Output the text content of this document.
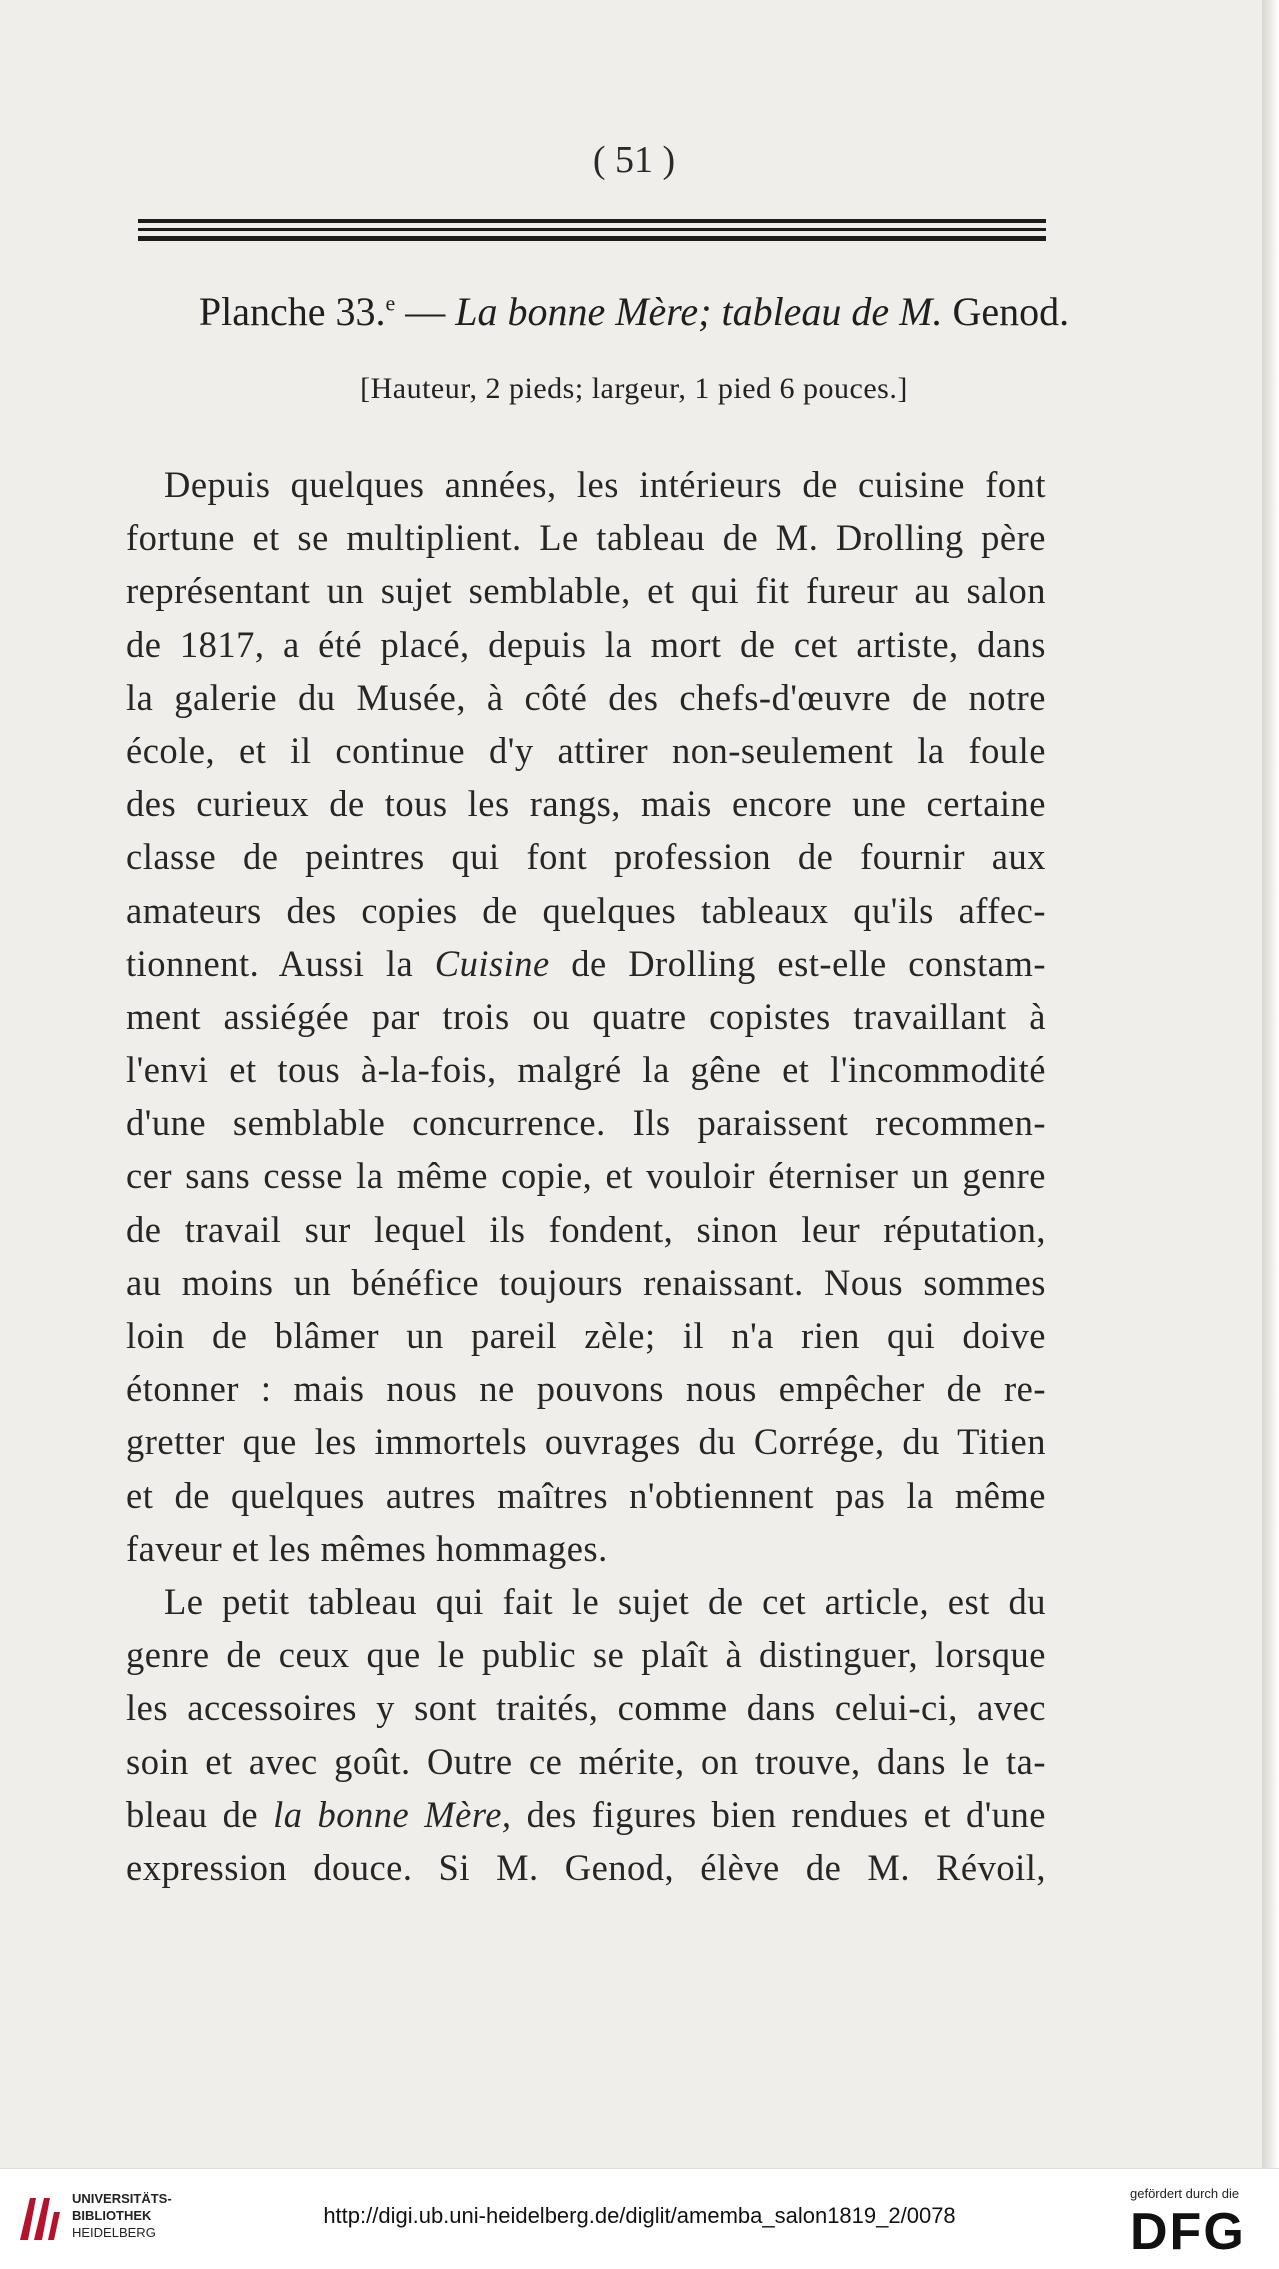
( 51 )
Planche 33.$^e$ — La bonne Mère; tableau de M. Genod.
[Hauteur, 2 pieds; largeur, 1 pied 6 pouces.]
Depuis quelques années, les intérieurs de cuisine font
fortune et se multiplient. Le tableau de M. Drolling père
représentant un sujet semblable, et qui fit fureur au salon
de 1817, a été placé, depuis la mort de cet artiste, dans
la galerie du Musée, à côté des chefs-d'œuvre de notre
école, et il continue d'y attirer non-seulement la foule
des curieux de tous les rangs, mais encore une certaine
classe de peintres qui font profession de fournir aux
amateurs des copies de quelques tableaux qu'ils affec-
tionnent. Aussi la Cuisine de Drolling est-elle constam-
ment assiégée par trois ou quatre copistes travaillant à
l'envi et tous à-la-fois, malgré la gêne et l'incommodité
d'une semblable concurrence. Ils paraissent recommen-
cer sans cesse la même copie, et vouloir éterniser un genre
de travail sur lequel ils fondent, sinon leur réputation,
au moins un bénéfice toujours renaissant. Nous sommes
loin de blâmer un pareil zèle; il n'a rien qui doive
étonner : mais nous ne pouvons nous empêcher de re-
gretter que les immortels ouvrages du Corrége, du Titien
et de quelques autres maîtres n'obtiennent pas la même
faveur et les mêmes hommages.
Le petit tableau qui fait le sujet de cet article, est du
genre de ceux que le public se plaît à distinguer, lorsque
les accessoires y sont traités, comme dans celui-ci, avec
soin et avec goût. Outre ce mérite, on trouve, dans le ta-
bleau de la bonne Mère, des figures bien rendues et d'une
expression douce. Si M. Genod, élève de M. Révoil,
UNIVERSITÄTS-
BIBLIOTHEK
HEIDELBERG
http://digi.ub.uni-heidelberg.de/diglit/amemba_salon1819_2/0078
gefördert durch die
DFG
